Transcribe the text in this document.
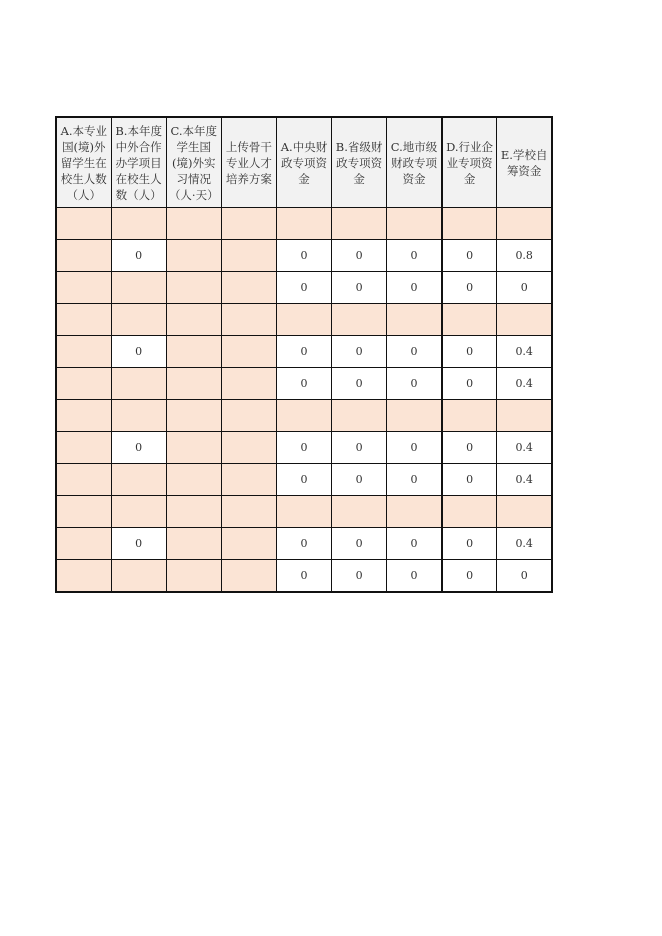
A.本专业国(境)外留学生在校生人数（人）	B.本年度中外合作办学项目在校生人数（人）	C.本年度学生国(境)外实习情况（人·天）	上传骨干专业人才培养方案	A.中央财政专项资金	B.省级财政专项资金	C.地市级财政专项资金	D.行业企业专项资金	E.学校自筹资金

	0			0	0	0	0	0.8
				0	0	0	0	0

	0			0	0	0	0	0.4
				0	0	0	0	0.4

	0			0	0	0	0	0.4
				0	0	0	0	0.4

	0			0	0	0	0	0.4
				0	0	0	0	0
